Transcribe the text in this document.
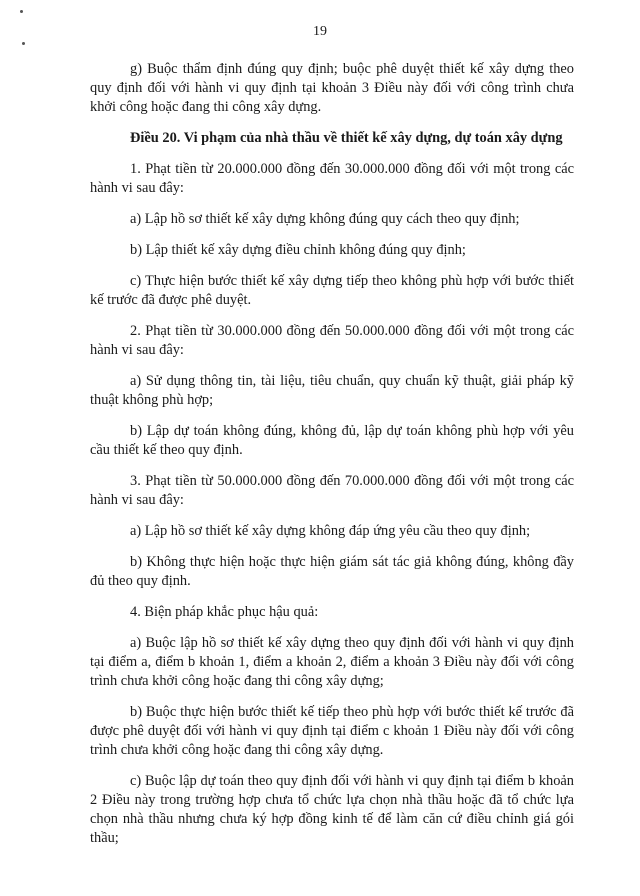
19

g) Buộc thẩm định đúng quy định; buộc phê duyệt thiết kế xây dựng theo quy định đối với hành vi quy định tại khoản 3 Điều này đối với công trình chưa khởi công hoặc đang thi công xây dựng.

Điều 20. Vi phạm của nhà thầu về thiết kế xây dựng, dự toán xây dựng

1. Phạt tiền từ 20.000.000 đồng đến 30.000.000 đồng đối với một trong các hành vi sau đây:

a) Lập hồ sơ thiết kế xây dựng không đúng quy cách theo quy định;

b) Lập thiết kế xây dựng điều chỉnh không đúng quy định;

c) Thực hiện bước thiết kế xây dựng tiếp theo không phù hợp với bước thiết kế trước đã được phê duyệt.

2. Phạt tiền từ 30.000.000 đồng đến 50.000.000 đồng đối với một trong các hành vi sau đây:

a) Sử dụng thông tin, tài liệu, tiêu chuẩn, quy chuẩn kỹ thuật, giải pháp kỹ thuật không phù hợp;

b) Lập dự toán không đúng, không đủ, lập dự toán không phù hợp với yêu cầu thiết kế theo quy định.

3. Phạt tiền từ 50.000.000 đồng đến 70.000.000 đồng đối với một trong các hành vi sau đây:

a) Lập hồ sơ thiết kế xây dựng không đáp ứng yêu cầu theo quy định;

b) Không thực hiện hoặc thực hiện giám sát tác giả không đúng, không đầy đủ theo quy định.

4. Biện pháp khắc phục hậu quả:

a) Buộc lập hồ sơ thiết kế xây dựng theo quy định đối với hành vi quy định tại điểm a, điểm b khoản 1, điểm a khoản 2, điểm a khoản 3 Điều này đối với công trình chưa khởi công hoặc đang thi công xây dựng;

b) Buộc thực hiện bước thiết kế tiếp theo phù hợp với bước thiết kế trước đã được phê duyệt đối với hành vi quy định tại điểm c khoản 1 Điều này đối với công trình chưa khởi công hoặc đang thi công xây dựng.

c) Buộc lập dự toán theo quy định đối với hành vi quy định tại điểm b khoản 2 Điều này trong trường hợp chưa tổ chức lựa chọn nhà thầu hoặc đã tổ chức lựa chọn nhà thầu nhưng chưa ký hợp đồng kinh tế để làm căn cứ điều chỉnh giá gói thầu;
